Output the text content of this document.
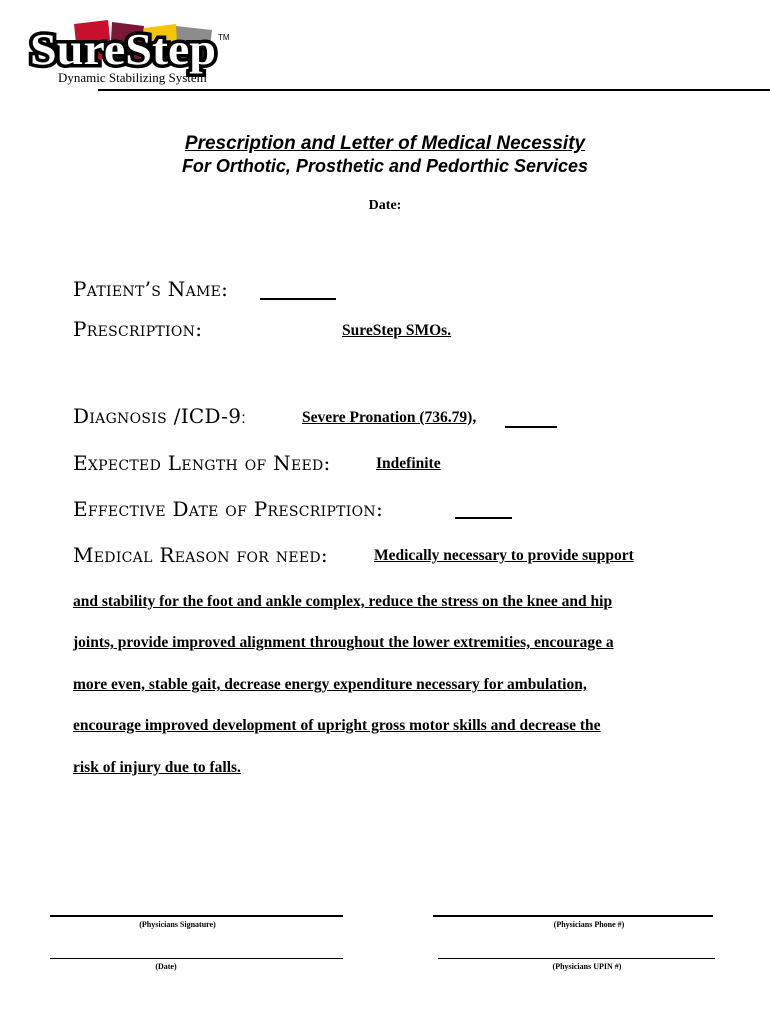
SureStep TM
Dynamic Stabilizing System
Prescription and Letter of Medical Necessity
For Orthotic, Prosthetic and Pedorthic Services
Date:
Patient’s Name:
Prescription:	SureStep SMOs.
Diagnosis /ICD-9:	Severe Pronation (736.79),
Expected Length of Need:	Indefinite
Effective Date of Prescription:
Medical Reason for need:	Medically necessary to provide support
and stability for the foot and ankle complex, reduce the stress on the knee and hip
joints, provide improved alignment throughout the lower extremities, encourage a
more even, stable gait, decrease energy expenditure necessary for ambulation,
encourage improved development of upright gross motor skills and decrease the
risk of injury due to falls.
(Physicians Signature)	(Physicians Phone #)
(Date)	(Physicians UPIN #)
